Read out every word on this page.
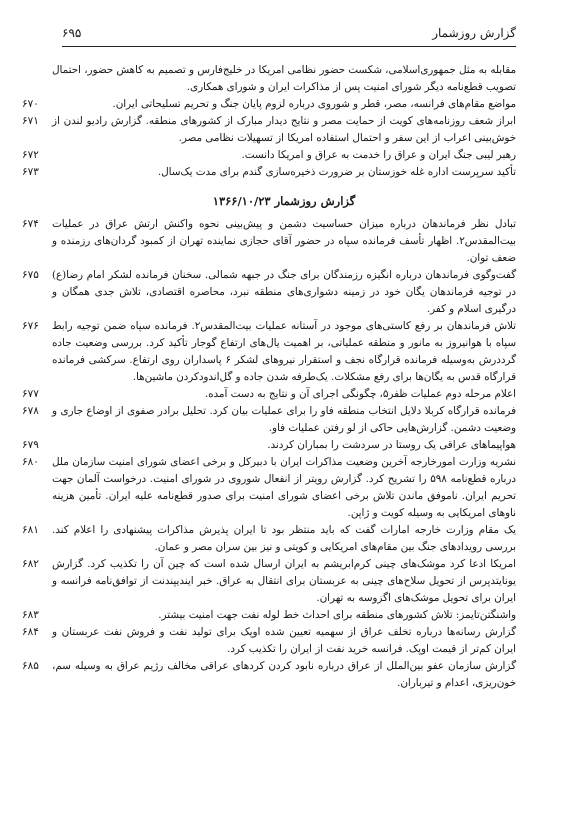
گزارش روزشمار
۶۹۵
مقابله به مثل جمهوری‌اسلامی، شکست حضور نظامی امریکا در خلیج‌فارس و تصمیم به کاهش حضور، احتمال تصویب قطع‌نامه دیگر شورای امنیت پس از مذاکرات ایران و شورای همکاری.
۶۷۰	مواضع مقام‌های فرانسه، مصر، قطر و شوروی درباره لزوم پایان جنگ و تحریم تسلیحاتی ایران.
۶۷۱	ابراز شعف روزنامه‌های کویت از حمایت مصر و نتایج دیدار مبارک از کشورهای منطقه. گزارش رادیو لندن از خوش‌بینی اعراب از این سفر و احتمال استفاده امریکا از تسهیلات نظامی مصر.
۶۷۲	رهبر لیبی جنگ ایران و عراق را خدمت به عراق و امریکا دانست.
۶۷۳	تأکید سرپرست اداره غله خوزستان بر ضرورت ذخیره‌سازی گندم برای مدت یک‌سال.
گزارش روزشمار ۱۳۶۶/۱۰/۲۳
۶۷۴	تبادل نظر فرماندهان درباره میزان حساسیت دشمن و پیش‌بینی نحوه واکنش ارتش عراق در عملیات بیت‌المقدس۲. اظهار تأسف فرمانده سپاه در حضور آقای حجازی نماینده تهران از کمبود گردان‌های رزمنده و ضعف توان.
۶۷۵	گفت‌وگوی فرماندهان درباره انگیزه رزمندگان برای جنگ در جبهه شمالی. سخنان فرمانده لشکر امام رضا(ع) در توجیه فرماندهان یگان خود در زمینه دشواری‌های منطقه نبرد، محاصره اقتصادی، تلاش جدی همگان و درگیری اسلام و کفر.
۶۷۶	تلاش فرماندهان بر رفع کاستی‌های موجود در آستانه عملیات بیت‌المقدس۲. فرمانده سپاه ضمن توجیه رابط سپاه با هوانیروز به مانور و منطقه عملیاتی، بر اهمیت یال‌های ارتفاع گوجار تأکید کرد. بررسی وضعیت جاده گرددرش به‌وسیله فرمانده قرارگاه نجف و استقرار نیروهای لشکر ۶ پاسداران روی ارتفاع. سرکشی فرمانده قرارگاه قدس به یگان‌ها برای رفع مشکلات. یک‌طرفه شدن جاده و گل‌اندودکردن ماشین‌ها.
۶۷۷	اعلام مرحله دوم عملیات ظفر۵، چگونگی اجرای آن و نتایج به دست آمده.
۶۷۸	فرمانده قرارگاه کربلا دلایل انتخاب منطقه فاو را برای عملیات بیان کرد. تحلیل برادر صفوی از اوضاع جاری و وضعیت دشمن. گزارش‌هایی حاکی از لو رفتن عملیات فاو.
۶۷۹	هواپیماهای عراقی یک روستا در سردشت را بمباران کردند.
۶۸۰	نشریه وزارت امورخارجه آخرین وضعیت مذاکرات ایران با دبیرکل و برخی اعضای شورای امنیت سازمان ملل درباره قطع‌نامه ۵۹۸ را تشریح کرد. گزارش رویتر از انفعال شوروی در شورای امنیت. درخواست آلمان جهت تحریم ایران. ناموفق ماندن تلاش برخی اعضای شورای امنیت برای صدور قطع‌نامه علیه ایران. تأمین هزینه ناوهای امریکایی به وسیله کویت و ژاپن.
۶۸۱	یک مقام وزارت خارجه امارات گفت که باید منتظر بود تا ایران پذیرش مذاکرات پیشنهادی را اعلام کند. بررسی رویدادهای جنگ بین مقام‌های امریکایی و کویتی و نیز بین سران مصر و عمان.
۶۸۲	امریکا ادعا کرد موشک‌های چینی کرم‌ابریشم به ایران ارسال شده است که چین آن را تکذیب کرد. گزارش یونایتدپرس از تحویل سلاح‌های چینی به عربستان برای انتقال به عراق. خبر ایندیپندنت از توافق‌نامه فرانسه و ایران برای تحویل موشک‌های اگزوسه به تهران.
۶۸۳	واشنگتن‌تایمز: تلاش کشورهای منطقه برای احداث خط لوله نفت جهت امنیت بیشتر.
۶۸۴	گزارش رسانه‌ها درباره تخلف عراق از سهمیه تعیین شده اوپک برای تولید نفت و فروش نفت عربستان و ایران کم‌تر از قیمت اوپک. فرانسه خرید نفت از ایران را تکذیب کرد.
۶۸۵	گزارش سازمان عفو بین‌الملل از عراق درباره نابود کردن کردهای عراقی مخالف رژیم عراق به وسیله سم، خون‌ریزی، اعدام و تیرباران.
